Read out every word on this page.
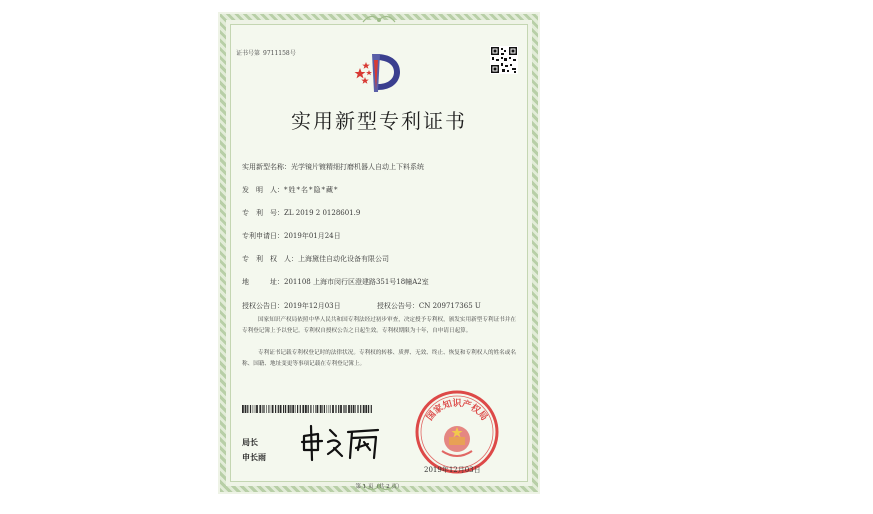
证书号第 9711158号
实用新型专利证书
实用新型名称：光学镜片镀精细打磨机器人自动上下料系统
发　明　人：*姓*名*隐*藏*
专　利　号：ZL 2019 2 0128601.9
专利申请日：2019年01月24日
专　利　权　人：上海黛佳自动化设备有限公司
地　　　址：201108 上海市闵行区澄建路351号18幢A2室
授权公告日：2019年12月03日	授权公告号：CN 209717365 U
国家知识产权局依照中华人民共和国专利法经过初步审查，决定授予专利权，颁发实用新型专利证书并在专利登记簿上予以登记。专利权自授权公告之日起生效。专利权期限为十年，自申请日起算。
专利证书记载专利权登记时的法律状况。专利权的转移、质押、无效、终止、恢复和专利权人的姓名或名称、国籍、地址变更等事项记载在专利登记簿上。
局长
申长雨
国家知识产权局
2019年12月03日
第 1 页（共 2 页）
